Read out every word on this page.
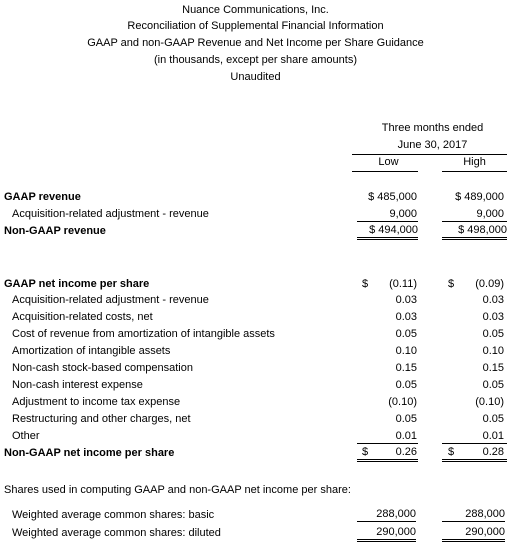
Nuance Communications, Inc.
Reconciliation of Supplemental Financial Information
GAAP and non-GAAP Revenue and Net Income per Share Guidance
(in thousands, except per share amounts)
Unaudited
Three months ended
June 30, 2017
Low	High
GAAP revenue	$ 485,000	$ 489,000
Acquisition-related adjustment - revenue	9,000	9,000
Non-GAAP revenue	$ 494,000	$ 498,000
GAAP net income per share	$	(0.11)	$	(0.09)
Acquisition-related adjustment - revenue	0.03	0.03
Acquisition-related costs, net	0.03	0.03
Cost of revenue from amortization of intangible assets	0.05	0.05
Amortization of intangible assets	0.10	0.10
Non-cash stock-based compensation	0.15	0.15
Non-cash interest expense	0.05	0.05
Adjustment to income tax expense	(0.10)	(0.10)
Restructuring and other charges, net	0.05	0.05
Other	0.01	0.01
Non-GAAP net income per share	$ 0.26	$	0.28
Shares used in computing GAAP and non-GAAP net income per share:
Weighted average common shares: basic	288,000	288,000
Weighted average common shares: diluted	290,000	290,000
